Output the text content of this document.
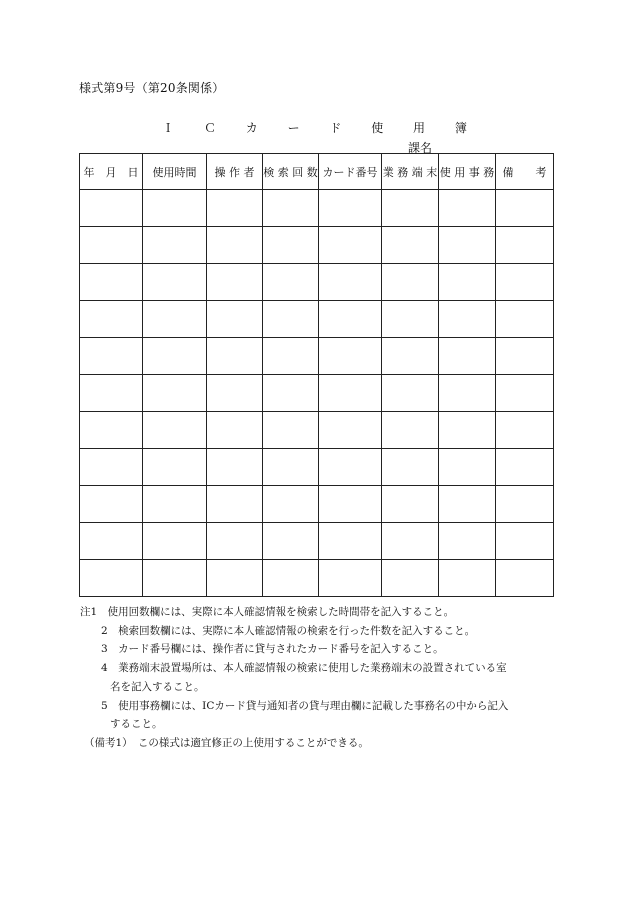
様式第9号（第20条関係）
Ｉ Ｃ カ ー ド 使 用 簿
課名
年　月　日	使用時間	操 作 者	検 索 回 数	カード番号	業 務 端 末	使 用 事 務	備　　考

注1　使用回数欄には、実際に本人確認情報を検索した時間帯を記入すること。

2　検索回数欄には、実際に本人確認情報の検索を行った件数を記入すること。

3　カード番号欄には、操作者に貸与されたカード番号を記入すること。

4　業務端末設置場所は、本人確認情報の検索に使用した業務端末の設置されている室

名を記入すること。

5　使用事務欄には、ICカード貸与通知者の貸与理由欄に記載した事務名の中から記入

すること。

（備考1）　この様式は適宜修正の上使用することができる。
